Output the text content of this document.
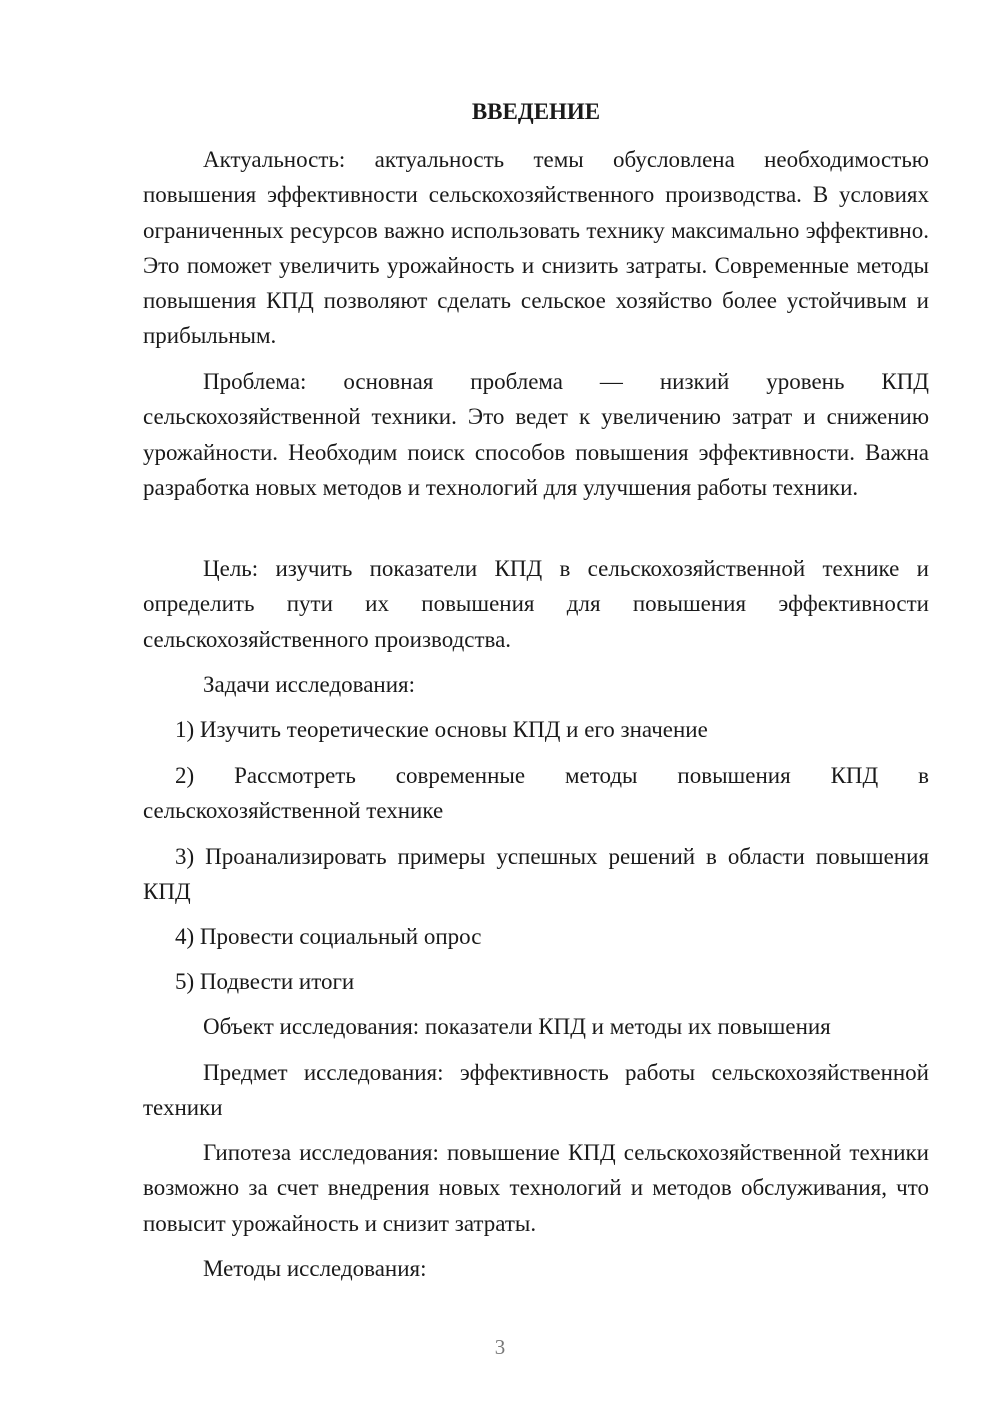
ВВЕДЕНИЕ

Актуальность: актуальность темы обусловлена необходимостью повышения эффективности сельскохозяйственного производства. В условиях ограниченных ресурсов важно использовать технику максимально эффективно. Это поможет увеличить урожайность и снизить затраты. Современные методы повышения КПД позволяют сделать сельское хозяйство более устойчивым и прибыльным.

Проблема: основная проблема — низкий уровень КПД сельскохозяйственной техники. Это ведет к увеличению затрат и снижению урожайности. Необходим поиск способов повышения эффективности. Важна разработка новых методов и технологий для улучшения работы техники.

Цель: изучить показатели КПД в сельскохозяйственной технике и определить пути их повышения для повышения эффективности сельскохозяйственного производства.

Задачи исследования:

1) Изучить теоретические основы КПД и его значение

2) Рассмотреть современные методы повышения КПД в сельскохозяйственной технике

3) Проанализировать примеры успешных решений в области повышения КПД

4) Провести социальный опрос

5) Подвести итоги

Объект исследования: показатели КПД и методы их повышения

Предмет исследования: эффективность работы сельскохозяйственной техники

Гипотеза исследования: повышение КПД сельскохозяйственной техники возможно за счет внедрения новых технологий и методов обслуживания, что повысит урожайность и снизит затраты.

Методы исследования:

3
